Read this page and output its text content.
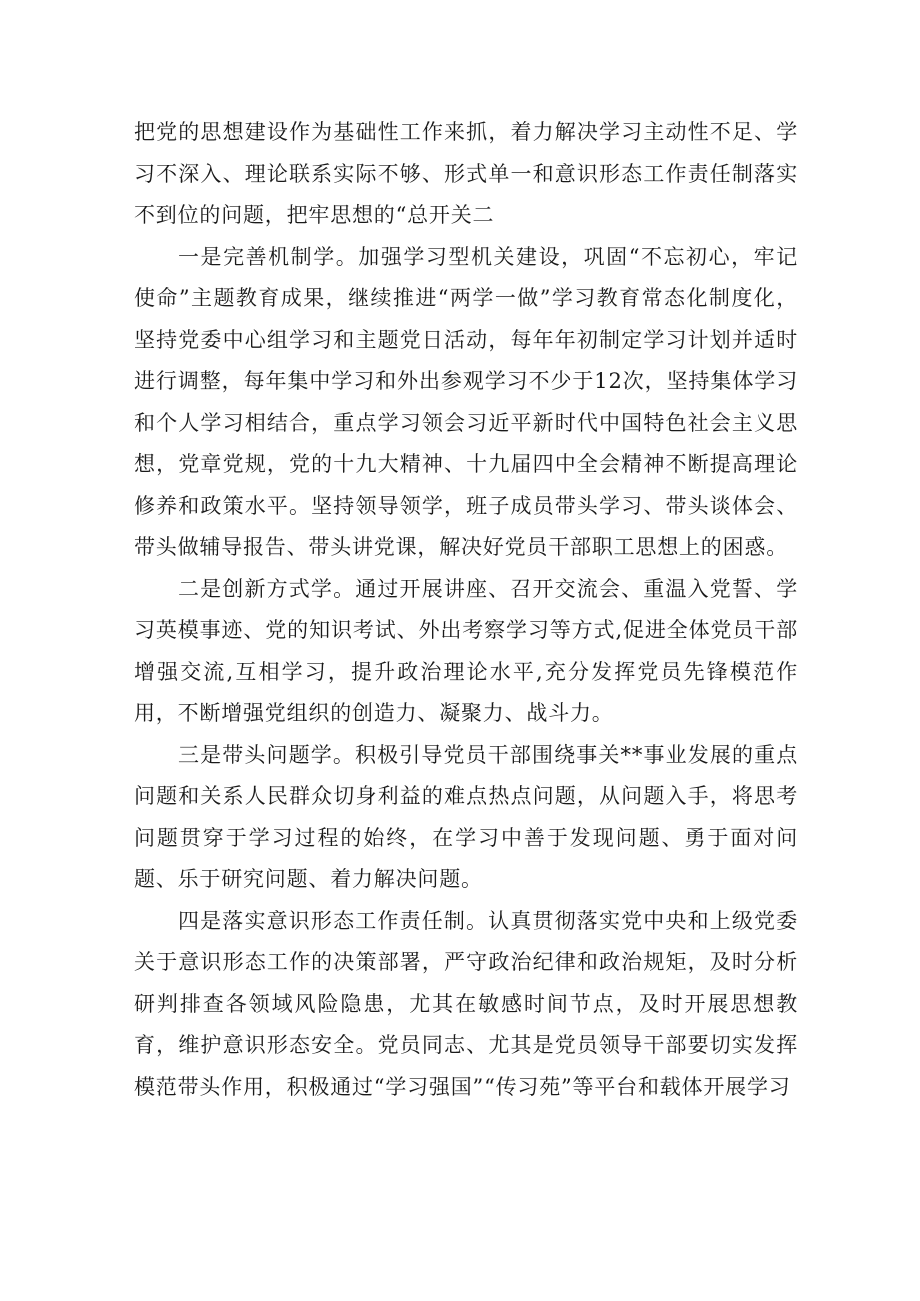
把党的思想建设作为基础性工作来抓，着力解决学习主动性不足、学习不深入、理论联系实际不够、形式单一和意识形态工作责任制落实不到位的问题，把牢思想的“总开关二

一是完善机制学。加强学习型机关建设，巩固“不忘初心，牢记使命”主题教育成果，继续推进“两学一做”学习教育常态化制度化，坚持党委中心组学习和主题党日活动，每年年初制定学习计划并适时进行调整，每年集中学习和外出参观学习不少于12次，坚持集体学习和个人学习相结合，重点学习领会习近平新时代中国特色社会主义思想，党章党规，党的十九大精神、十九届四中全会精神不断提高理论修养和政策水平。坚持领导领学，班子成员带头学习、带头谈体会、带头做辅导报告、带头讲党课，解决好党员干部职工思想上的困惑。

二是创新方式学。通过开展讲座、召开交流会、重温入党誓、学习英模事迹、党的知识考试、外出考察学习等方式,促进全体党员干部增强交流,互相学习，提升政治理论水平,充分发挥党员先锋模范作用，不断增强党组织的创造力、凝聚力、战斗力。

三是带头问题学。积极引导党员干部围绕事关**事业发展的重点问题和关系人民群众切身利益的难点热点问题，从问题入手，将思考问题贯穿于学习过程的始终，在学习中善于发现问题、勇于面对问题、乐于研究问题、着力解决问题。

四是落实意识形态工作责任制。认真贯彻落实党中央和上级党委关于意识形态工作的决策部署，严守政治纪律和政治规矩，及时分析研判排查各领域风险隐患，尤其在敏感时间节点，及时开展思想教育，维护意识形态安全。党员同志、尤其是党员领导干部要切实发挥模范带头作用，积极通过“学习强国”“传习苑”等平台和载体开展学习
